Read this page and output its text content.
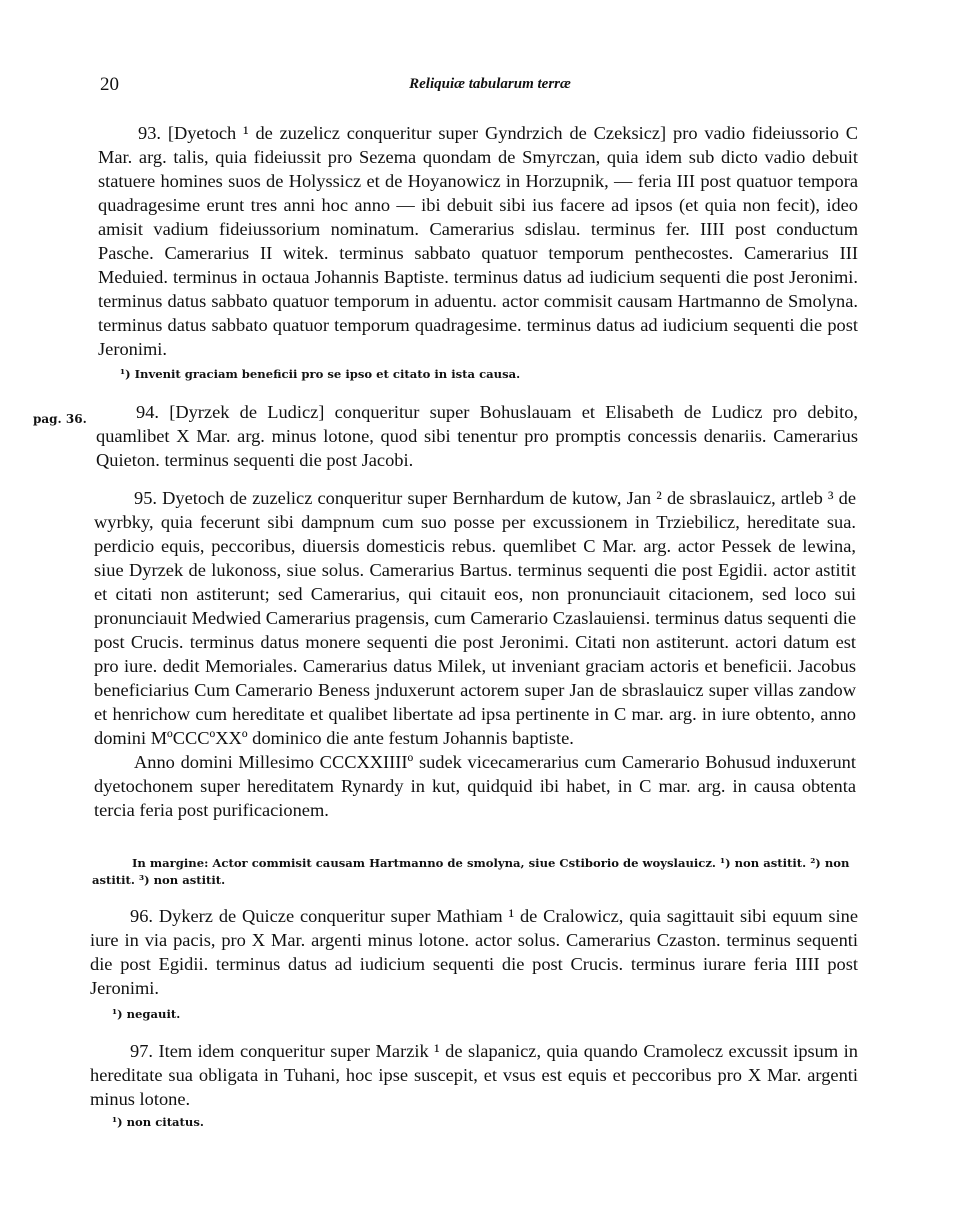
20	Reliquiæ tabularum terræ
pag. 36.

93. [Dyetoch ¹ de zuzelicz conqueritur super Gyndrzich de Czeksicz] pro vadio fideiussorio C Mar. arg. talis, quia fideiussit pro Sezema quondam de Smyrczan, quia idem sub dicto vadio debuit statuere homines suos de Holyssicz et de Hoyanowicz in Horzupnik, — feria III post quatuor tempora quadragesime erunt tres anni hoc anno — ibi debuit sibi ius facere ad ipsos (et quia non fecit), ideo amisit vadium fideiussorium nominatum. Camerarius sdislau. terminus fer. IIII post conductum Pasche. Camerarius II witek. terminus sabbato quatuor temporum penthecostes. Camerarius III Meduied. terminus in octaua Johannis Baptiste. terminus datus ad iudicium sequenti die post Jeronimi. terminus datus sabbato quatuor temporum in aduentu. actor commisit causam Hartmanno de Smolyna. terminus datus sabbato quatuor temporum quadragesime. terminus datus ad iudicium sequenti die post Jeronimi.

¹) Invenit graciam beneficii pro se ipso et citato in ista causa.

94. [Dyrzek de Ludicz] conqueritur super Bohuslauam et Elisabeth de Ludicz pro debito, quamlibet X Mar. arg. minus lotone, quod sibi tenentur pro promptis concessis denariis. Camerarius Quieton. terminus sequenti die post Jacobi.

95. Dyetoch de zuzelicz conqueritur super Bernhardum de kutow, Jan ² de sbraslauicz, artleb ³ de wyrbky, quia fecerunt sibi dampnum cum suo posse per excussionem in Trziebilicz, hereditate sua. perdicio equis, peccoribus, diuersis domesticis rebus. quemlibet C Mar. arg. actor Pessek de lewina, siue Dyrzek de lukonoss, siue solus. Camerarius Bartus. terminus sequenti die post Egidii. actor astitit et citati non astiterunt; sed Camerarius, qui citauit eos, non pronunciauit citacionem, sed loco sui pronunciauit Medwied Camerarius pragensis, cum Camerario Czaslauiensi. terminus datus sequenti die post Crucis. terminus datus monere sequenti die post Jeronimi. Citati non astiterunt. actori datum est pro iure. dedit Memoriales. Camerarius datus Milek, ut inveniant graciam actoris et beneficii. Jacobus beneficiarius Cum Camerario Beness jnduxerunt actorem super Jan de sbraslauicz super villas zandow et henrichow cum hereditate et qualibet libertate ad ipsa pertinente in C mar. arg. in iure obtento, anno domini MºCCCºXXº dominico die ante festum Johannis baptiste.

Anno domini Millesimo CCCXXIIIIº sudek vicecamerarius cum Camerario Bohusud induxerunt dyetochonem super hereditatem Rynardy in kut, quidquid ibi habet, in C mar. arg. in causa obtenta tercia feria post purificacionem.

In margine: Actor commisit causam Hartmanno de smolyna, siue Cstiborio de woyslauicz. ¹) non astitit. ²) non astitit. ³) non astitit.

96. Dykerz de Quicze conqueritur super Mathiam ¹ de Cralowicz, quia sagittauit sibi equum sine iure in via pacis, pro X Mar. argenti minus lotone. actor solus. Camerarius Czaston. terminus sequenti die post Egidii. terminus datus ad iudicium sequenti die post Crucis. terminus iurare feria IIII post Jeronimi.

¹) negauit.

97. Item idem conqueritur super Marzik ¹ de slapanicz, quia quando Cramolecz excussit ipsum in hereditate sua obligata in Tuhani, hoc ipse suscepit, et vsus est equis et peccoribus pro X Mar. argenti minus lotone.

¹) non citatus.
